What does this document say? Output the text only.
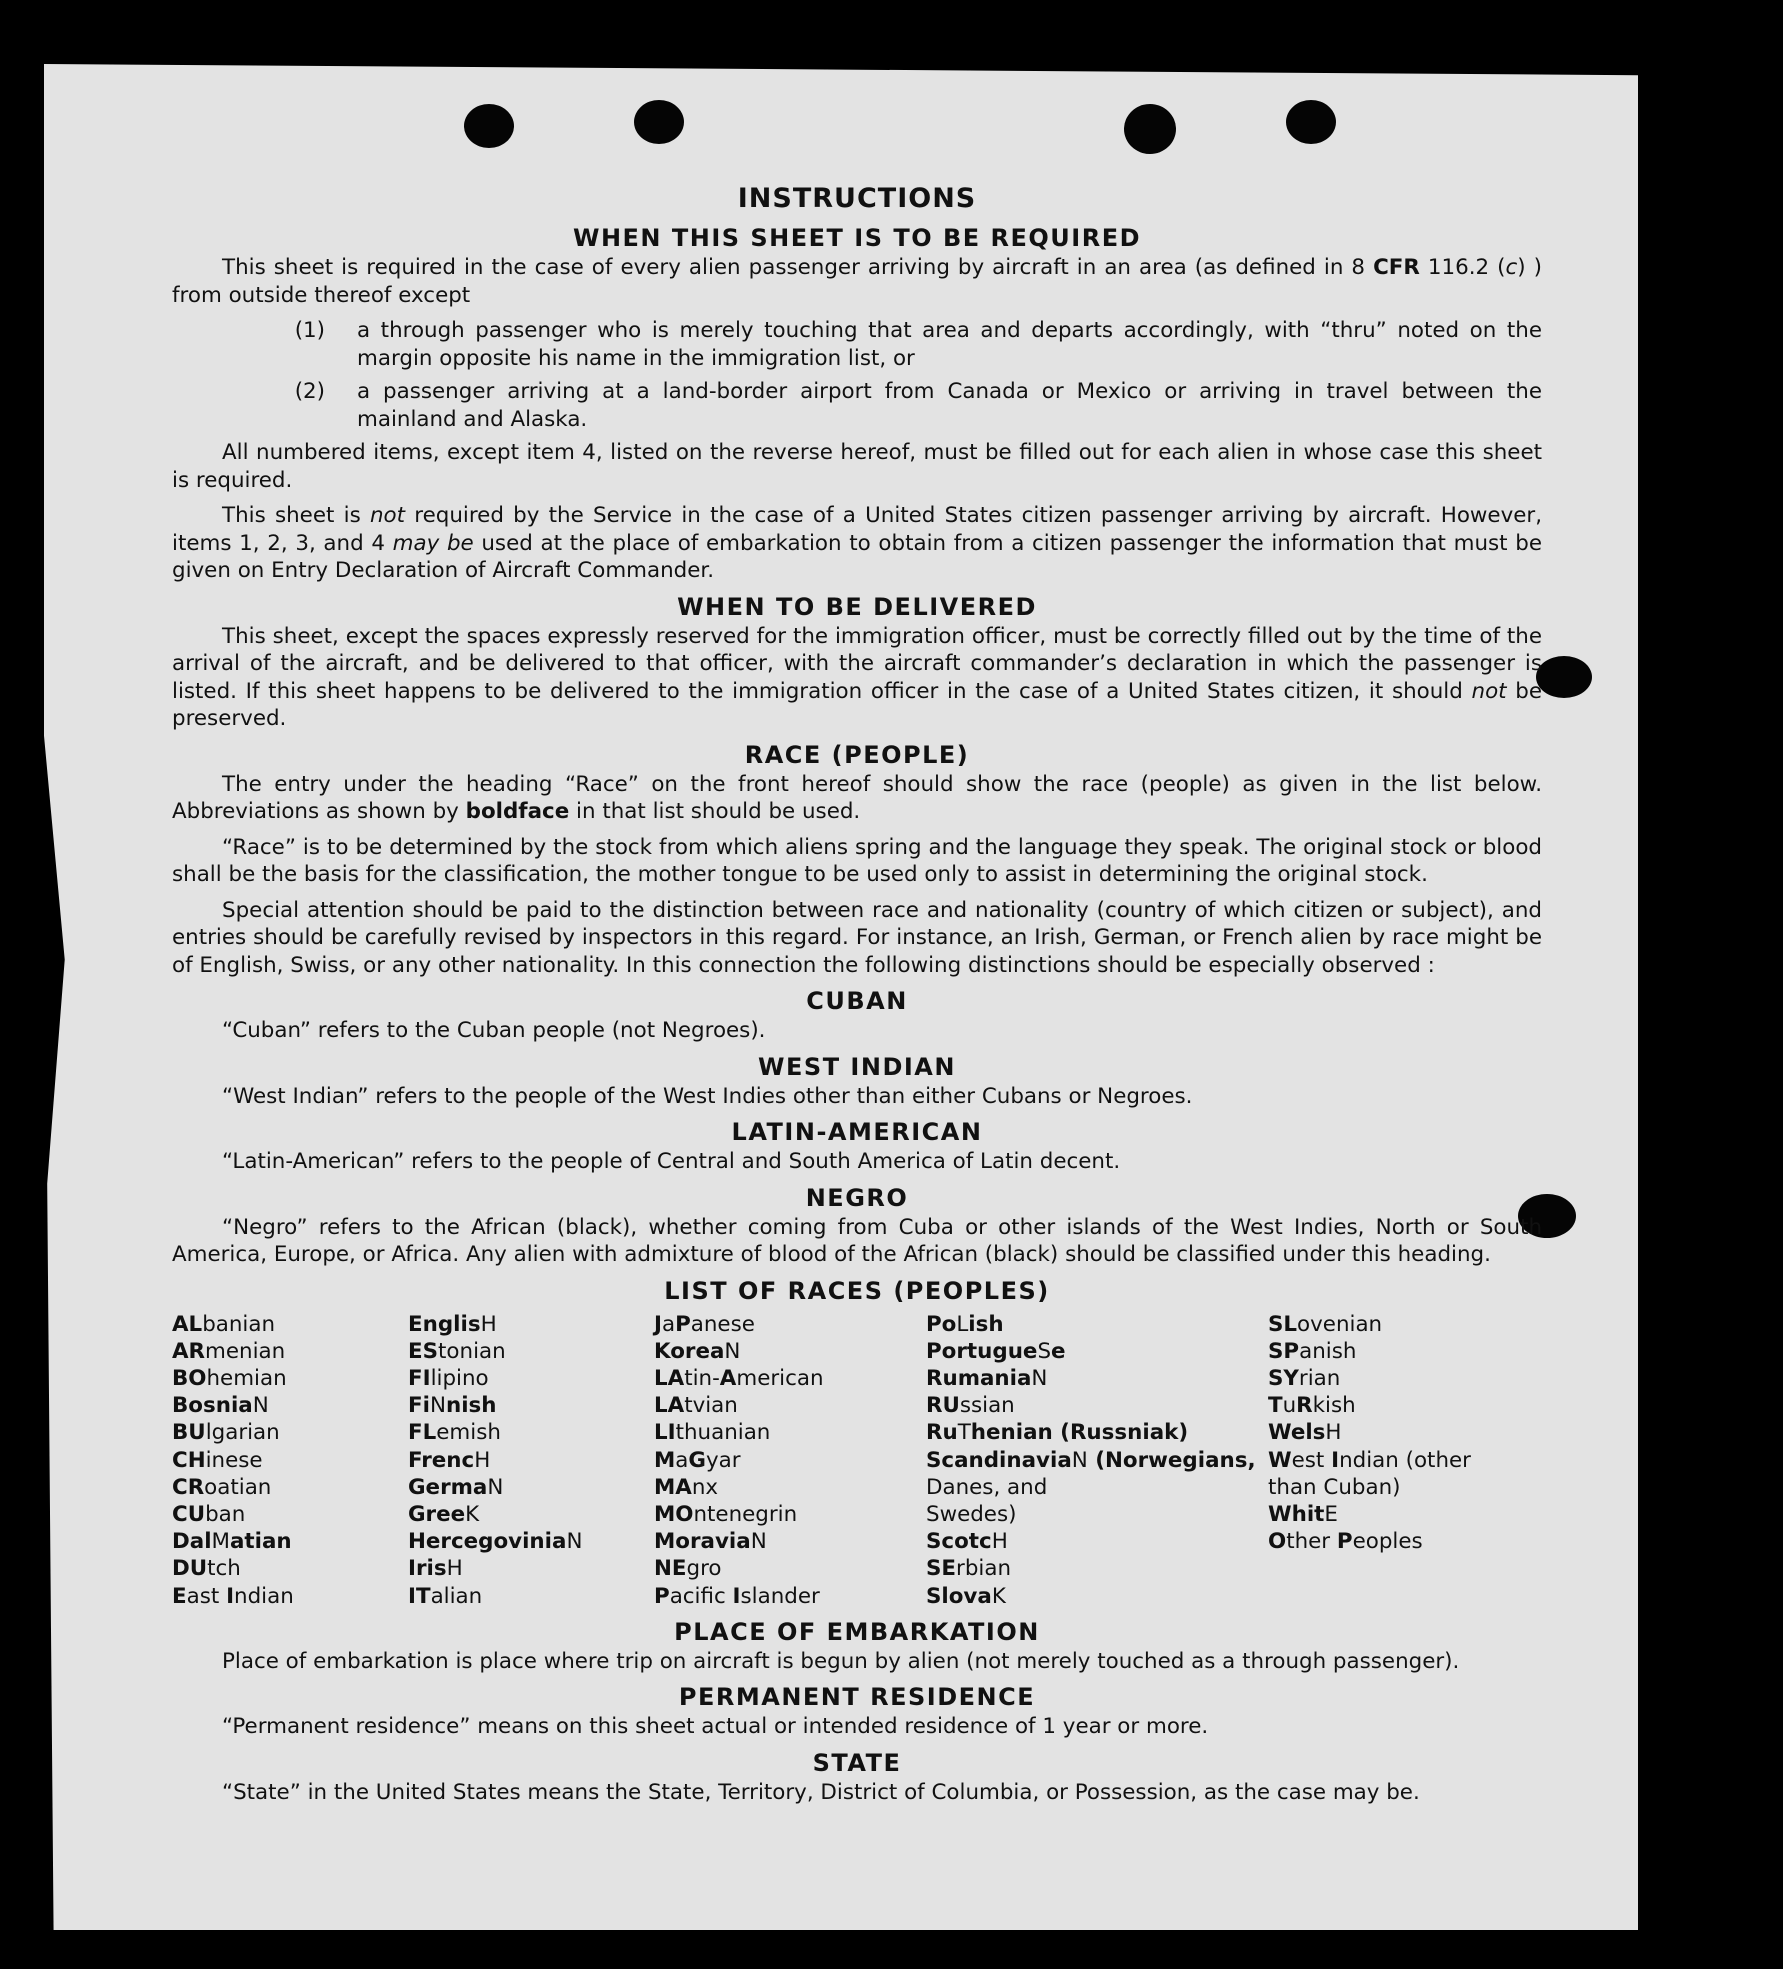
INSTRUCTIONS
WHEN THIS SHEET IS TO BE REQUIRED

This sheet is required in the case of every alien passenger arriving by aircraft in an area (as defined in 8 CFR 116.2 (c) ) from outside thereof except

(1)	a through passenger who is merely touching that area and departs accordingly, with “thru” noted on the margin opposite his name in the immigration list, or
(2)	a passenger arriving at a land-border airport from Canada or Mexico or arriving in travel between the mainland and Alaska.

All numbered items, except item 4, listed on the reverse hereof, must be filled out for each alien in whose case this sheet is required.

This sheet is not required by the Service in the case of a United States citizen passenger arriving by aircraft. However, items 1, 2, 3, and 4 may be used at the place of embarkation to obtain from a citizen passenger the information that must be given on Entry Declaration of Aircraft Commander.

WHEN TO BE DELIVERED

This sheet, except the spaces expressly reserved for the immigration officer, must be correctly filled out by the time of the arrival of the aircraft, and be delivered to that officer, with the aircraft commander’s declaration in which the passenger is listed. If this sheet happens to be delivered to the immigration officer in the case of a United States citizen, it should not be preserved.

RACE (PEOPLE)

The entry under the heading “Race” on the front hereof should show the race (people) as given in the list below. Abbreviations as shown by boldface in that list should be used.

“Race” is to be determined by the stock from which aliens spring and the language they speak. The original stock or blood shall be the basis for the classification, the mother tongue to be used only to assist in determining the original stock.

Special attention should be paid to the distinction between race and nationality (country of which citizen or subject), and entries should be carefully revised by inspectors in this regard. For instance, an Irish, German, or French alien by race might be of English, Swiss, or any other nationality. In this connection the following distinctions should be especially observed :

CUBAN

“Cuban” refers to the Cuban people (not Negroes).

WEST INDIAN

“West Indian” refers to the people of the West Indies other than either Cubans or Negroes.

LATIN-AMERICAN

“Latin-American” refers to the people of Central and South America of Latin decent.

NEGRO

“Negro” refers to the African (black), whether coming from Cuba or other islands of the West Indies, North or South America, Europe, or Africa. Any alien with admixture of blood of the African (black) should be classified under this heading.

LIST OF RACES (PEOPLES)
ALbanian
ARmenian
BOhemian
BosniaN
BUlgarian
CHinese
CRoatian
CUban
DalMatian
DUtch
East Indian
EnglisH
EStonian
FIlipino
FiNnish
FLemish
FrencH
GermaN
GreeK
HercegoviniaN
IrisH
ITalian
JaPanese
KoreaN
LAtin-American
LAtvian
LIthuanian
MaGyar
MAnx
MOntenegrin
MoraviaN
NEgro
Pacific Islander
PoLish
PortugueSe
RumaniaN
RUssian
RuThenian (Russniak)
ScandinaviaN (Norwegians,
Danes, and
Swedes)
ScotcH
SErbian
SlovaK
SLovenian
SPanish
SYrian
TuRkish
WelsH
West Indian (other
than Cuban)
WhitE
Other Peoples
PLACE OF EMBARKATION

Place of embarkation is place where trip on aircraft is begun by alien (not merely touched as a through passenger).

PERMANENT RESIDENCE

“Permanent residence” means on this sheet actual or intended residence of 1 year or more.

STATE

“State” in the United States means the State, Territory, District of Columbia, or Possession, as the case may be.
